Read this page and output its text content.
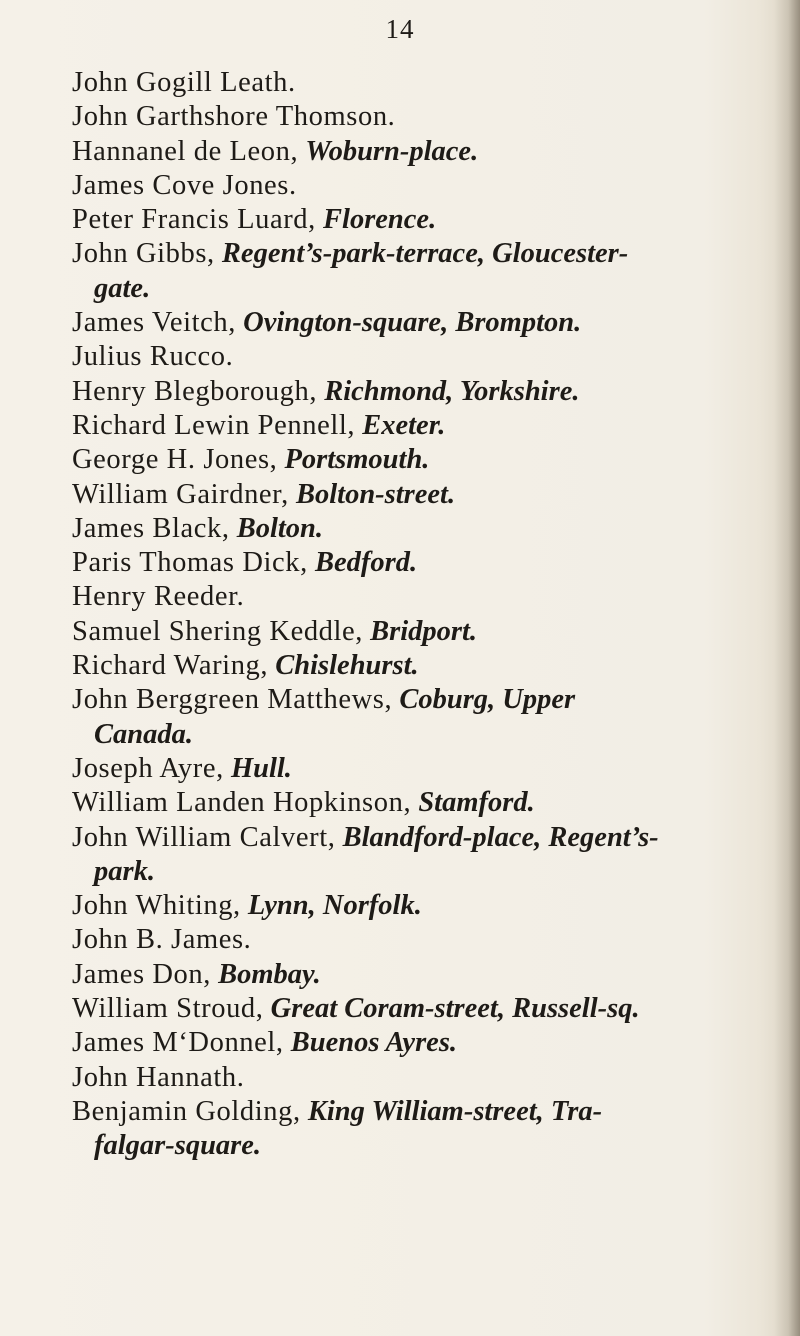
14
John Gogill Leath.
John Garthshore Thomson.
Hannanel de Leon, Woburn-place.
James Cove Jones.
Peter Francis Luard, Florence.
John Gibbs, Regent’s-park-terrace, Gloucester-
gate.
James Veitch, Ovington-square, Brompton.
Julius Rucco.
Henry Blegborough, Richmond, Yorkshire.
Richard Lewin Pennell, Exeter.
George H. Jones, Portsmouth.
William Gairdner, Bolton-street.
James Black, Bolton.
Paris Thomas Dick, Bedford.
Henry Reeder.
Samuel Shering Keddle, Bridport.
Richard Waring, Chislehurst.
John Berggreen Matthews, Coburg, Upper
Canada.
Joseph Ayre, Hull.
William Landen Hopkinson, Stamford.
John William Calvert, Blandford-place, Regent’s-
park.
John Whiting, Lynn, Norfolk.
John B. James.
James Don, Bombay.
William Stroud, Great Coram-street, Russell-sq.
James M‘Donnel, Buenos Ayres.
John Hannath.
Benjamin Golding, King William-street, Tra-
falgar-square.
